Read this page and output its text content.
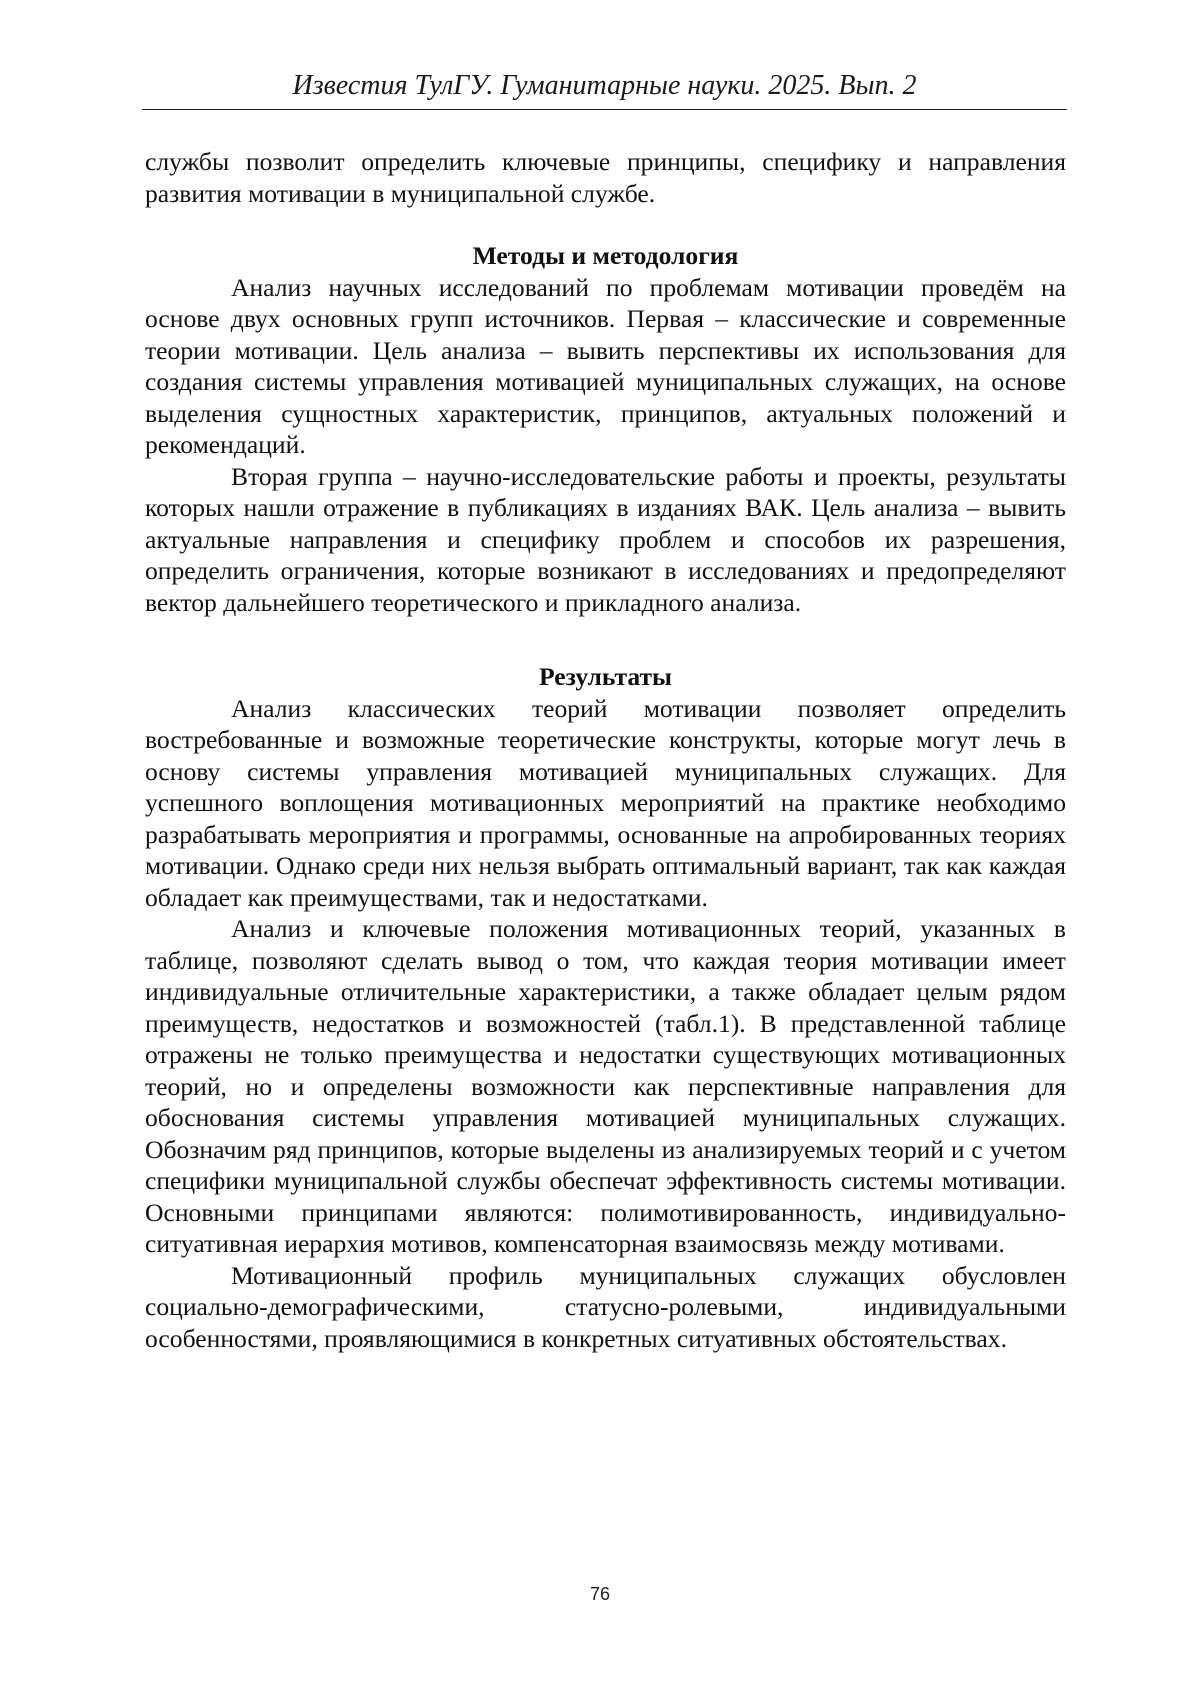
Известия ТулГУ. Гуманитарные науки. 2025. Вып. 2

службы позволит определить ключевые принципы, специфику и направления развития мотивации в муниципальной службе.

Методы и методология

Анализ научных исследований по проблемам мотивации проведём на основе двух основных групп источников. Первая – классические и современные теории мотивации. Цель анализа – вывить перспективы их использования для создания системы управления мотивацией муниципальных служащих, на основе выделения сущностных характеристик, принципов, актуальных положений и рекомендаций.

Вторая группа – научно-исследовательские работы и проекты, результаты которых нашли отражение в публикациях в изданиях ВАК. Цель анализа – вывить актуальные направления и специфику проблем и способов их разрешения, определить ограничения, которые возникают в исследованиях и предопределяют вектор дальнейшего теоретического и прикладного анализа.

Результаты

Анализ классических теорий мотивации позволяет определить востребованные и возможные теоретические конструкты, которые могут лечь в основу системы управления мотивацией муниципальных служащих. Для успешного воплощения мотивационных мероприятий на практике необходимо разрабатывать мероприятия и программы, основанные на апробированных теориях мотивации. Однако среди них нельзя выбрать оптимальный вариант, так как каждая обладает как преимуществами, так и недостатками.

Анализ и ключевые положения мотивационных теорий, указанных в таблице, позволяют сделать вывод о том, что каждая теория мотивации имеет индивидуальные отличительные характеристики, а также обладает целым рядом преимуществ, недостатков и возможностей (табл.1). В представленной таблице отражены не только преимущества и недостатки существующих мотивационных теорий, но и определены возможности как перспективные направления для обоснования системы управления мотивацией муниципальных служащих. Обозначим ряд принципов, которые выделены из анализируемых теорий и с учетом специфики муниципальной службы обеспечат эффективность системы мотивации. Основными принципами являются: полимотивированность, индивидуально-ситуативная иерархия мотивов, компенсаторная взаимосвязь между мотивами.

Мотивационный профиль муниципальных служащих обусловлен социально-демографическими, статусно-ролевыми, индивидуальными особенностями, проявляющимися в конкретных ситуативных обстоятельствах.

76
